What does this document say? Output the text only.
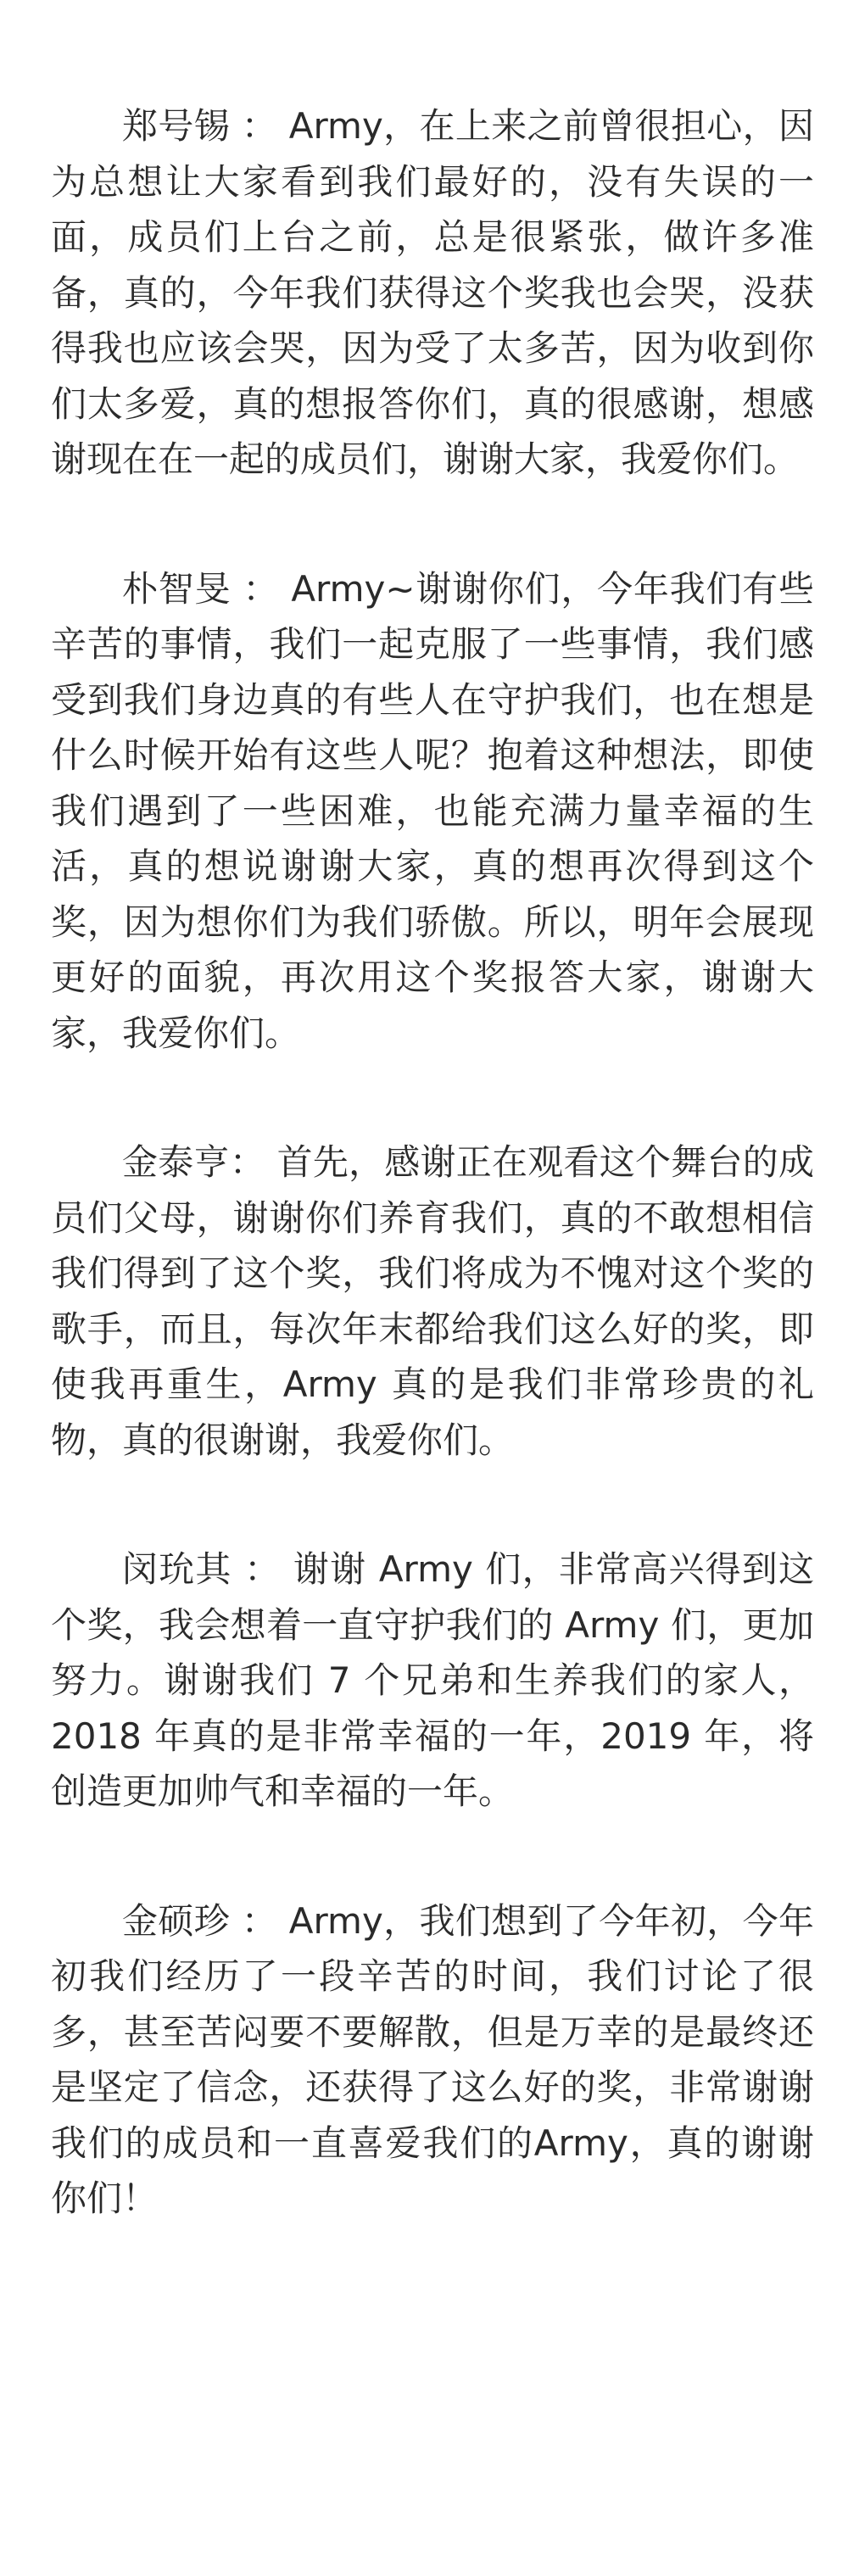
郑号锡 ： Army，在上来之前曾很担心，因为总想让大家看到我们最好的，没有失误的一面，成员们上台之前，总是很紧张，做许多准备，真的，今年我们获得这个奖我也会哭，没获得我也应该会哭，因为受了太多苦，因为收到你们太多爱，真的想报答你们，真的很感谢，想感谢现在在一起的成员们，谢谢大家，我爱你们。

朴智旻 ： Army~谢谢你们，今年我们有些辛苦的事情，我们一起克服了一些事情，我们感受到我们身边真的有些人在守护我们，也在想是什么时候开始有这些人呢？抱着这种想法，即使我们遇到了一些困难，也能充满力量幸福的生活，真的想说谢谢大家，真的想再次得到这个奖，因为想你们为我们骄傲。所以，明年会展现更好的面貌，再次用这个奖报答大家，谢谢大家，我爱你们。

金泰亨： 首先，感谢正在观看这个舞台的成员们父母，谢谢你们养育我们，真的不敢想相信我们得到了这个奖，我们将成为不愧对这个奖的歌手，而且，每次年末都给我们这么好的奖，即使我再重生，Army 真的是我们非常珍贵的礼物，真的很谢谢，我爱你们。

闵玧其 ： 谢谢 Army 们，非常高兴得到这个奖，我会想着一直守护我们的 Army 们，更加努力。谢谢我们 7 个兄弟和生养我们的家人，2018 年真的是非常幸福的一年，2019 年，将创造更加帅气和幸福的一年。

金硕珍 ： Army，我们想到了今年初，今年初我们经历了一段辛苦的时间，我们讨论了很多，甚至苦闷要不要解散，但是万幸的是最终还是坚定了信念，还获得了这么好的奖，非常谢谢我们的成员和一直喜爱我们的Army，真的谢谢你们！
